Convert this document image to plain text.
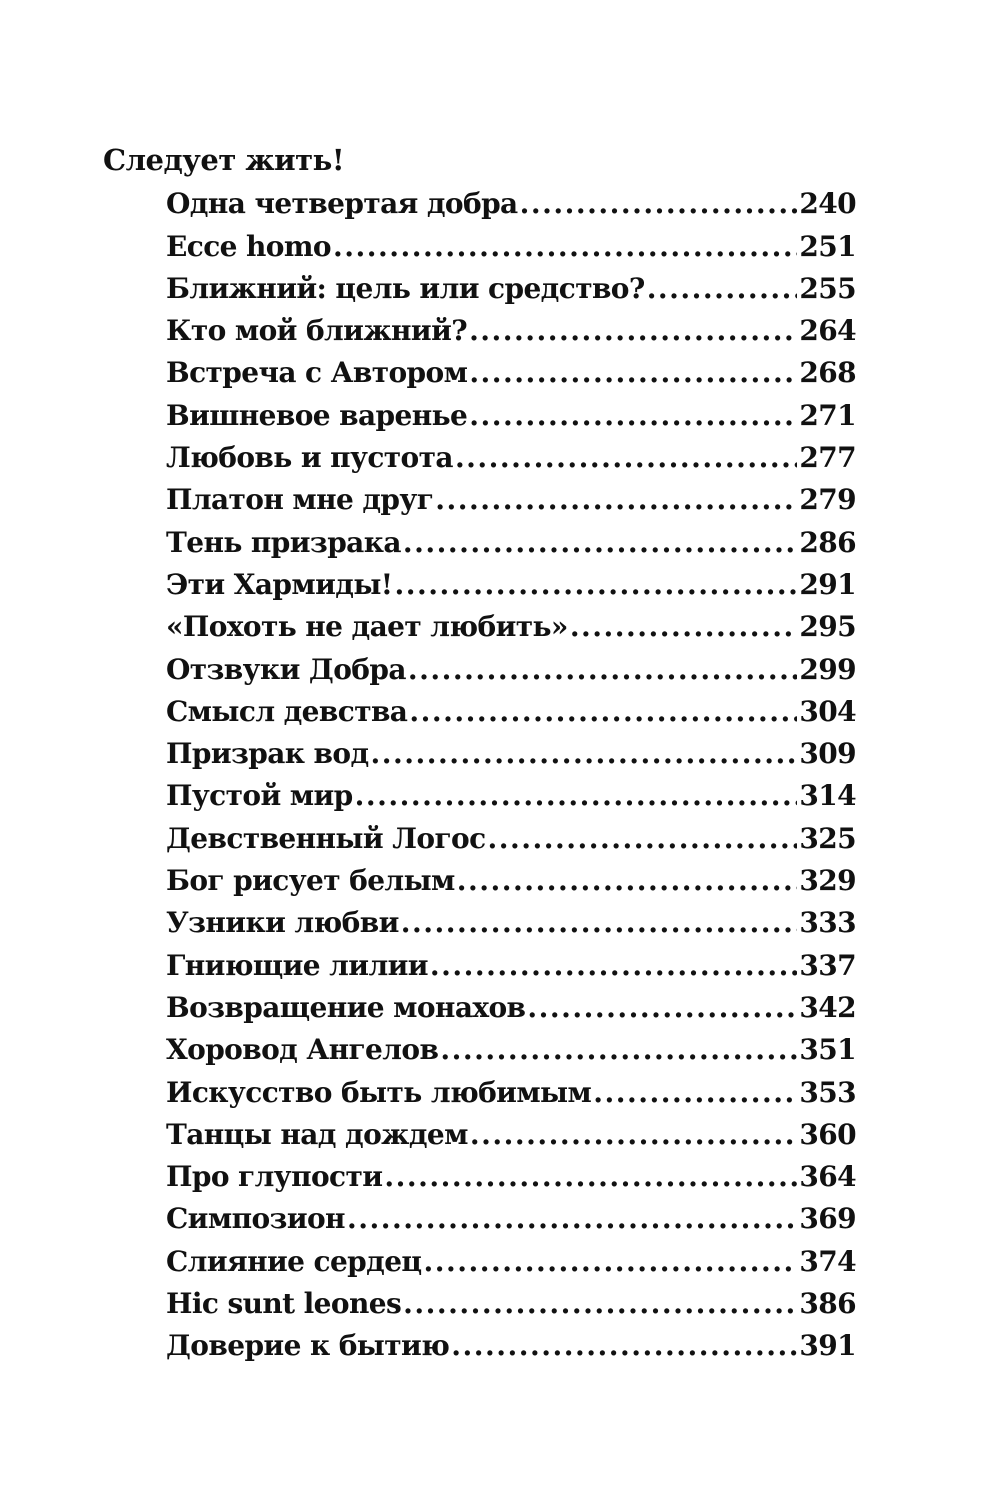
Следует жить!
Одна четвертая добра .....	240
Ecce homo .....	251
Ближний: цель или средство? .....	255
Кто мой ближний? .....	264
Встреча с Автором .....	268
Вишневое варенье .....	271
Любовь и пустота .....	277
Платон мне друг .....	279
Тень призрака .....	286
Эти Хармиды! .....	291
«Похоть не дает любить» .....	295
Отзвуки Добра .....	299
Смысл девства .....	304
Призрак вод .....	309
Пустой мир .....	314
Девственный Логос .....	325
Бог рисует белым .....	329
Узники любви .....	333
Гниющие лилии .....	337
Возвращение монахов .....	342
Хоровод Ангелов .....	351
Искусство быть любимым .....	353
Танцы над дождем .....	360
Про глупости .....	364
Симпозион .....	369
Слияние сердец .....	374
Hic sunt leones .....	386
Доверие к бытию .....	391
